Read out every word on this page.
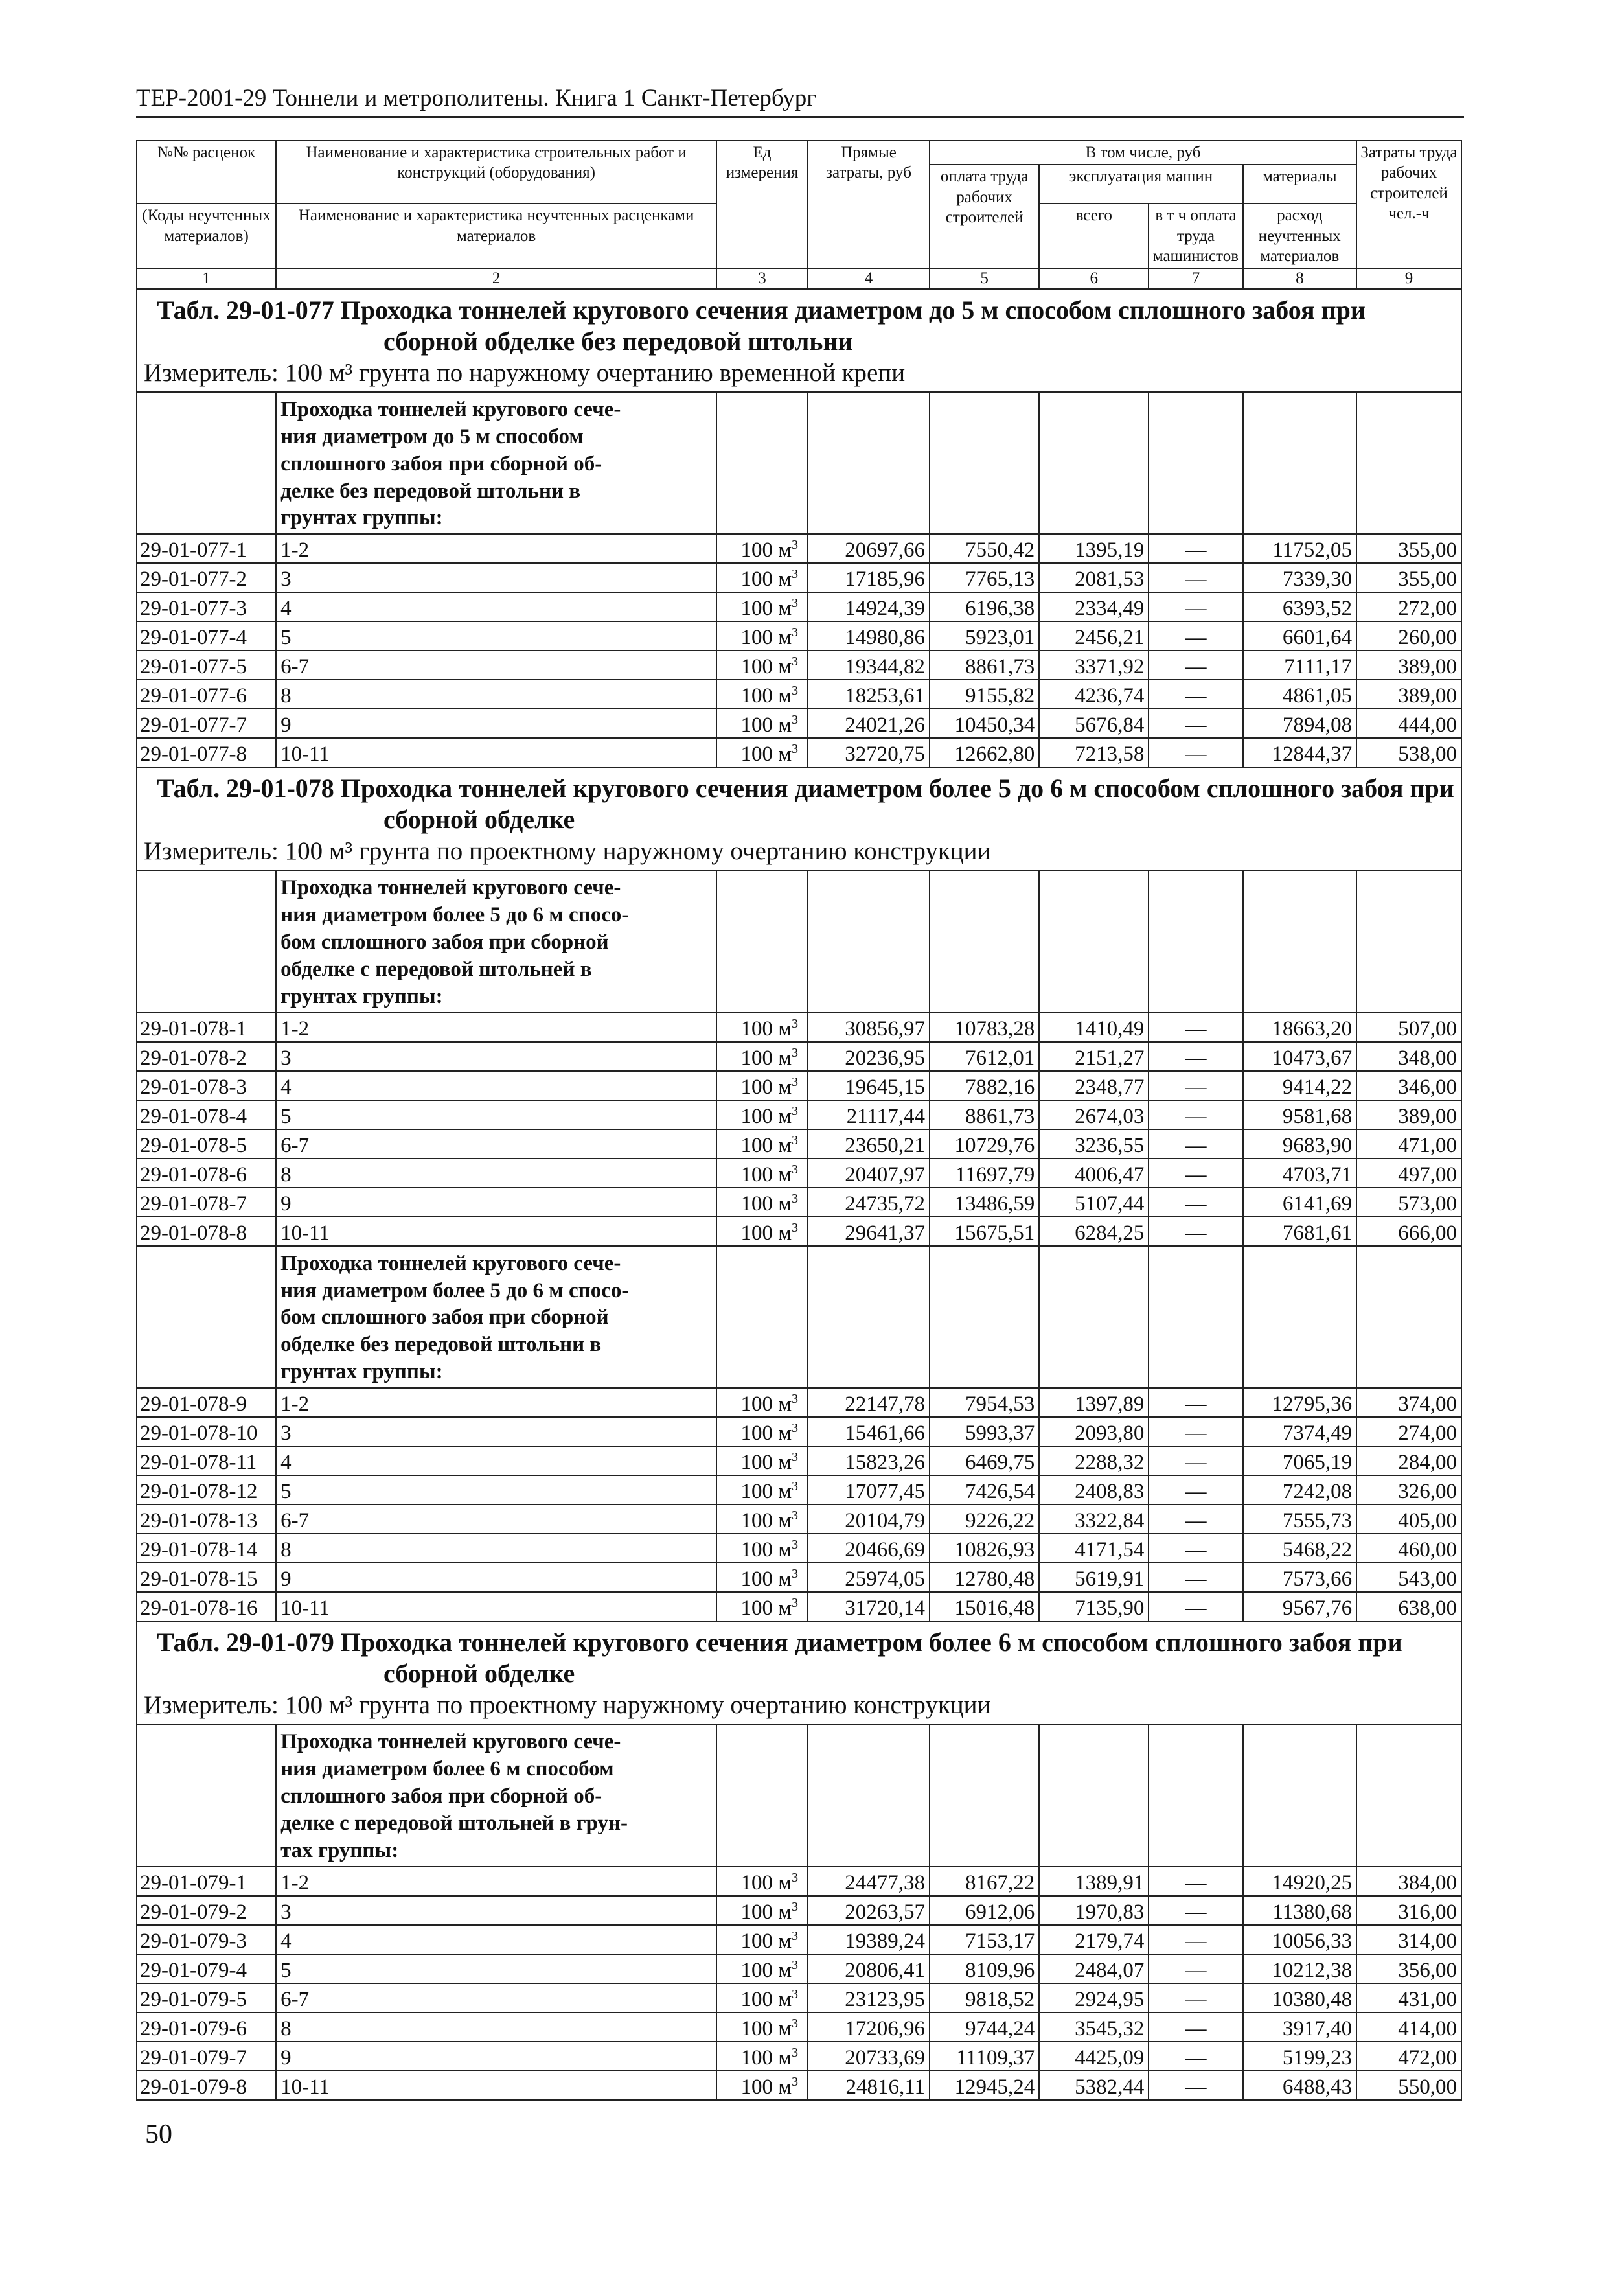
ТЕР-2001-29 Тоннели и метрополитены. Книга 1 Санкт-Петербург
№№ расценок	Наименование и характеристика строительных работ и конструкций (оборудования)	Ед измерения	Прямые затраты, руб	В том числе, руб				Затраты труда рабочих строителей чел.-ч
				оплата труда рабочих строителей	эксплуатация машин		материалы	

(Коды неучтенных материалов)	Наименование и характеристика неучтенных расценками материалов				всего	в т ч оплата труда машинистов	расход неучтенных материалов	

1	2	3	4	5	6	7	8	9

Табл. 29-01-077 Проходка тоннелей кругового сечения диаметром до 5 м способом сплошного забоя при сборной обделке без передовой штольни
Измеритель: 100 м³ грунта по наружному очертанию временной крепи								

	Проходка тоннелей кругового сече-
ния диаметром до 5 м способом
сплошного забоя при сборной об-
делке без передовой штольни в
грунтах группы:							
29-01-077-1	1-2	100 $м^3$	20697,66	7550,42	1395,19	—	11752,05	355,00
29-01-077-2	3	100 $м^3$	17185,96	7765,13	2081,53	—	7339,30	355,00
29-01-077-3	4	100 $м^3$	14924,39	6196,38	2334,49	—	6393,52	272,00
29-01-077-4	5	100 $м^3$	14980,86	5923,01	2456,21	—	6601,64	260,00
29-01-077-5	6-7	100 $м^3$	19344,82	8861,73	3371,92	—	7111,17	389,00
29-01-077-6	8	100 $м^3$	18253,61	9155,82	4236,74	—	4861,05	389,00
29-01-077-7	9	100 $м^3$	24021,26	10450,34	5676,84	—	7894,08	444,00
29-01-077-8	10-11	100 $м^3$	32720,75	12662,80	7213,58	—	12844,37	538,00

Табл. 29-01-078 Проходка тоннелей кругового сечения диаметром более 5 до 6 м способом сплошного забоя при сборной обделке
Измеритель: 100 м³ грунта по проектному наружному очертанию конструкции								

	Проходка тоннелей кругового сече-
ния диаметром более 5 до 6 м спосо-
бом сплошного забоя при сборной
обделке с передовой штольней в
грунтах группы:							
29-01-078-1	1-2	100 $м^3$	30856,97	10783,28	1410,49	—	18663,20	507,00
29-01-078-2	3	100 $м^3$	20236,95	7612,01	2151,27	—	10473,67	348,00
29-01-078-3	4	100 $м^3$	19645,15	7882,16	2348,77	—	9414,22	346,00
29-01-078-4	5	100 $м^3$	21117,44	8861,73	2674,03	—	9581,68	389,00
29-01-078-5	6-7	100 $м^3$	23650,21	10729,76	3236,55	—	9683,90	471,00
29-01-078-6	8	100 $м^3$	20407,97	11697,79	4006,47	—	4703,71	497,00
29-01-078-7	9	100 $м^3$	24735,72	13486,59	5107,44	—	6141,69	573,00
29-01-078-8	10-11	100 $м^3$	29641,37	15675,51	6284,25	—	7681,61	666,00
	Проходка тоннелей кругового сече-
ния диаметром более 5 до 6 м спосо-
бом сплошного забоя при сборной
обделке без передовой штольни в
грунтах группы:							
29-01-078-9	1-2	100 $м^3$	22147,78	7954,53	1397,89	—	12795,36	374,00
29-01-078-10	3	100 $м^3$	15461,66	5993,37	2093,80	—	7374,49	274,00
29-01-078-11	4	100 $м^3$	15823,26	6469,75	2288,32	—	7065,19	284,00
29-01-078-12	5	100 $м^3$	17077,45	7426,54	2408,83	—	7242,08	326,00
29-01-078-13	6-7	100 $м^3$	20104,79	9226,22	3322,84	—	7555,73	405,00
29-01-078-14	8	100 $м^3$	20466,69	10826,93	4171,54	—	5468,22	460,00
29-01-078-15	9	100 $м^3$	25974,05	12780,48	5619,91	—	7573,66	543,00
29-01-078-16	10-11	100 $м^3$	31720,14	15016,48	7135,90	—	9567,76	638,00

Табл. 29-01-079 Проходка тоннелей кругового сечения диаметром более 6 м способом сплошного забоя при сборной обделке
Измеритель: 100 м³ грунта по проектному наружному очертанию конструкции								

	Проходка тоннелей кругового сече-
ния диаметром более 6 м способом
сплошного забоя при сборной об-
делке с передовой штольней в грун-
тах группы:							
29-01-079-1	1-2	100 $м^3$	24477,38	8167,22	1389,91	—	14920,25	384,00
29-01-079-2	3	100 $м^3$	20263,57	6912,06	1970,83	—	11380,68	316,00
29-01-079-3	4	100 $м^3$	19389,24	7153,17	2179,74	—	10056,33	314,00
29-01-079-4	5	100 $м^3$	20806,41	8109,96	2484,07	—	10212,38	356,00
29-01-079-5	6-7	100 $м^3$	23123,95	9818,52	2924,95	—	10380,48	431,00
29-01-079-6	8	100 $м^3$	17206,96	9744,24	3545,32	—	3917,40	414,00
29-01-079-7	9	100 $м^3$	20733,69	11109,37	4425,09	—	5199,23	472,00
29-01-079-8	10-11	100 $м^3$	24816,11	12945,24	5382,44	—	6488,43	550,00
50
